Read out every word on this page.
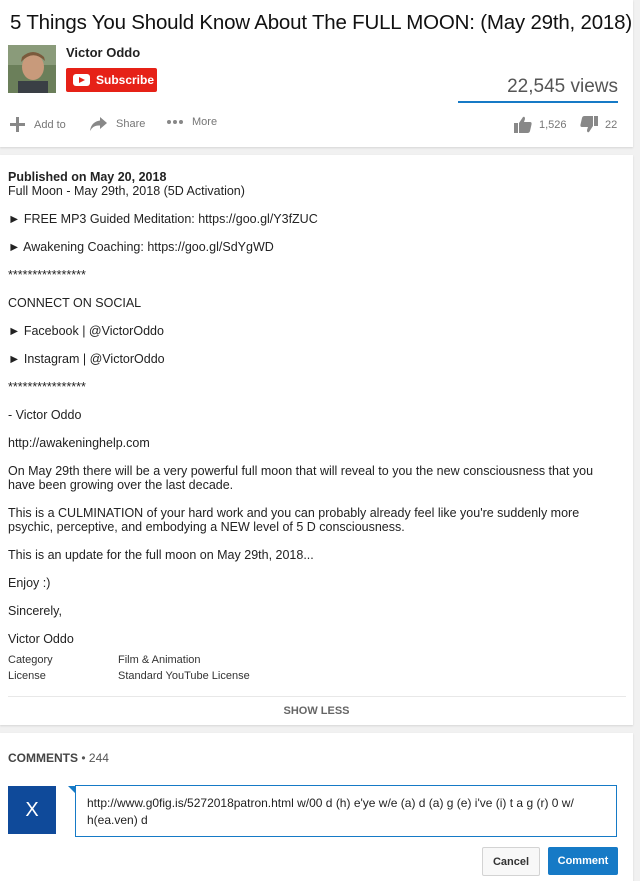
5 Things You Should Know About The FULL MOON: (May 29th, 2018)
Victor Oddo
Subscribe	22,545 views
Add to	Share	More	1,526	22
Published on May 20, 2018
Full Moon - May 29th, 2018 (5D Activation)
► FREE MP3 Guided Meditation: https://goo.gl/Y3fZUC
► Awakening Coaching: https://goo.gl/SdYgWD
****************
CONNECT ON SOCIAL
► Facebook | @VictorOddo
► Instagram | @VictorOddo
****************
- Victor Oddo
http://awakeninghelp.com
On May 29th there will be a very powerful full moon that will reveal to you the new consciousness that you have been growing over the last decade.
This is a CULMINATION of your hard work and you can probably already feel like you're suddenly more psychic, perceptive, and embodying a NEW level of 5 D consciousness.
This is an update for the full moon on May 29th, 2018...
Enjoy :)
Sincerely,
Victor Oddo
Category	Film & Animation
License	Standard YouTube License
SHOW LESS
COMMENTS • 244
X	http://www.g0fig.is/5272018patron.html w/00 d (h) e'ye w/e (a) d (a) g (e) i've (i) t a g (r) 0 w/ h(ea.ven) d
Cancel	Comment
